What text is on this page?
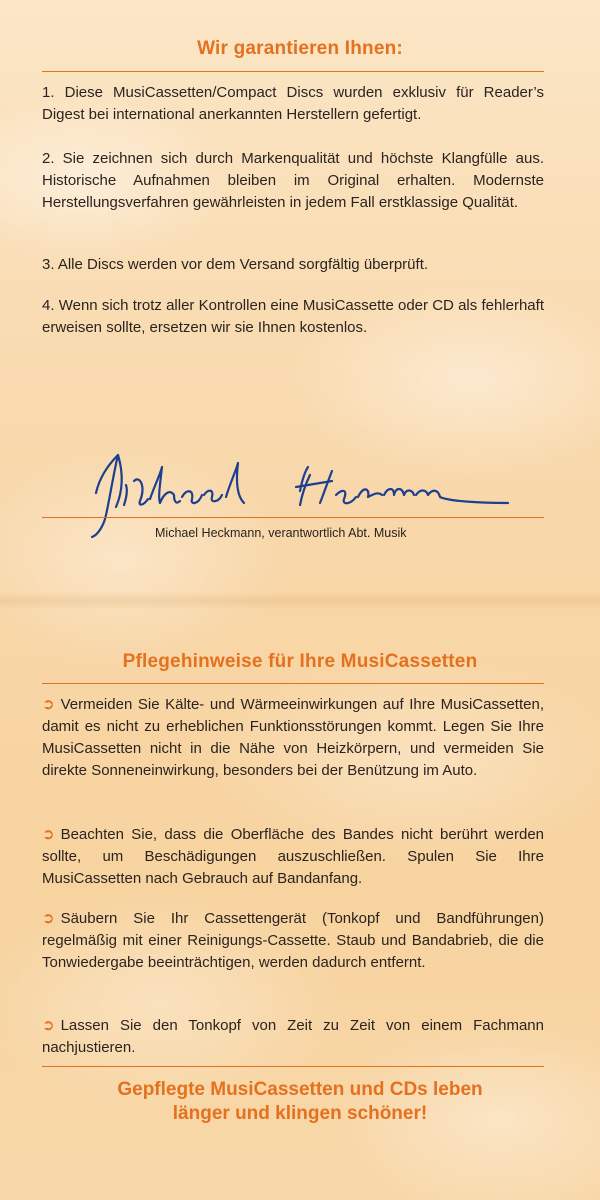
Wir garantieren Ihnen:
1. Diese MusiCassetten/Compact Discs wurden exklusiv für Reader’s Digest bei international anerkannten Herstellern gefertigt.
2. Sie zeichnen sich durch Markenqualität und höchste Klangfülle aus. Historische Aufnahmen bleiben im Original erhalten. Modernste Herstellungsverfahren gewährleisten in jedem Fall erstklassige Qualität.
3. Alle Discs werden vor dem Versand sorgfältig überprüft.
4. Wenn sich trotz aller Kontrollen eine MusiCassette oder CD als fehlerhaft erweisen sollte, ersetzen wir sie Ihnen kostenlos.
Michael Heckmann, verantwortlich Abt. Musik
Pflegehinweise für Ihre MusiCassetten
➲ Vermeiden Sie Kälte- und Wärmeeinwirkungen auf Ihre MusiCassetten, damit es nicht zu erheblichen Funktionsstörungen kommt. Legen Sie Ihre MusiCassetten nicht in die Nähe von Heizkörpern, und vermeiden Sie direkte Sonneneinwirkung, besonders bei der Benützung im Auto.
➲ Beachten Sie, dass die Oberfläche des Bandes nicht berührt werden sollte, um Beschädigungen auszuschließen. Spulen Sie Ihre MusiCassetten nach Gebrauch auf Bandanfang.
➲ Säubern Sie Ihr Cassettengerät (Tonkopf und Bandführungen) regelmäßig mit einer Reinigungs-Cassette. Staub und Bandabrieb, die die Tonwiedergabe beeinträchtigen, werden dadurch entfernt.
➲ Lassen Sie den Tonkopf von Zeit zu Zeit von einem Fachmann nachjustieren.
Gepflegte MusiCassetten und CDs leben
länger und klingen schöner!
